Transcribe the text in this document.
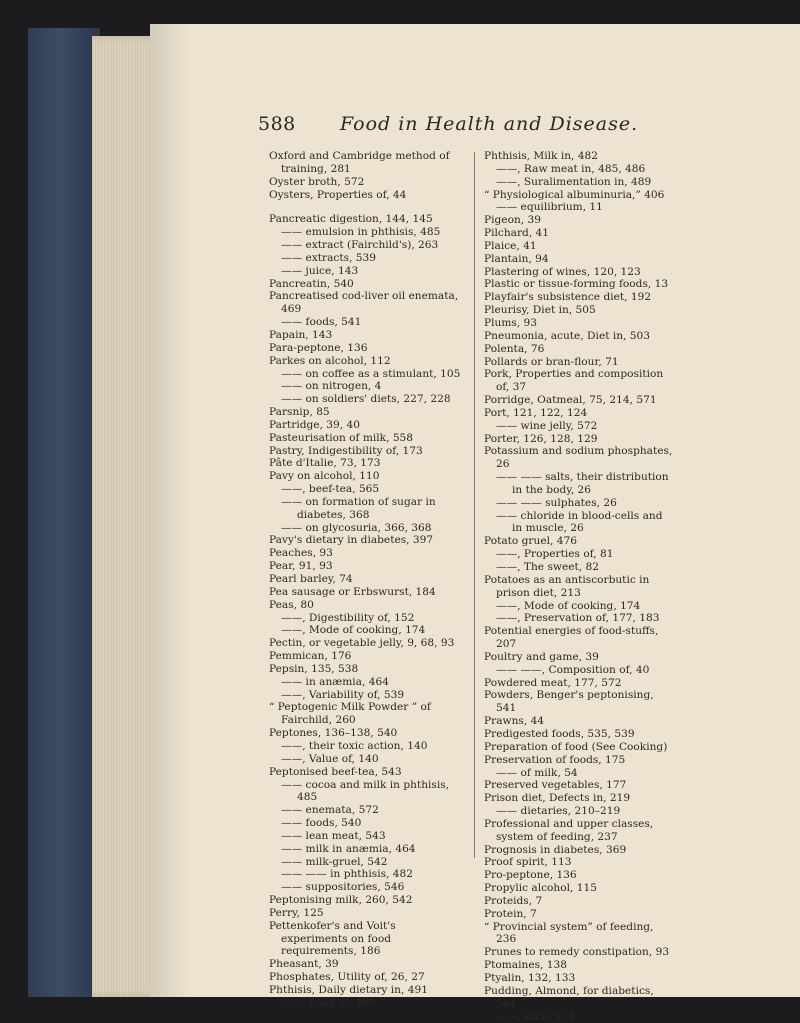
588 Food in Health and Disease.
Oxford and Cambridge method of training, 281
Oyster broth, 572
Oysters, Properties of, 44
Pancreatic digestion, 144, 145
—— emulsion in phthisis, 485
—— extract (Fairchild's), 263
—— extracts, 539
—— juice, 143
Pancreatin, 540
Pancreatised cod-liver oil enemata, 469
—— foods, 541
Papain, 143
Para-peptone, 136
Parkes on alcohol, 112
—— on coffee as a stimulant, 105
—— on nitrogen, 4
—— on soldiers' diets, 227, 228
Parsnip, 85
Partridge, 39, 40
Pasteurisation of milk, 558
Pastry, Indigestibility of, 173
Pâte d'Italie, 73, 173
Pavy on alcohol, 110
——, beef-tea, 565
—— on formation of sugar in diabetes, 368
—— on glycosuria, 366, 368
Pavy's dietary in diabetes, 397
Peaches, 93
Pear, 91, 93
Pearl barley, 74
Pea sausage or Erbswurst, 184
Peas, 80
——, Digestibility of, 152
——, Mode of cooking, 174
Pectin, or vegetable jelly, 9, 68, 93
Pemmican, 176
Pepsin, 135, 538
—— in anæmia, 464
——, Variability of, 539
“ Peptogenic Milk Powder ” of Fairchild, 260
Peptones, 136–138, 540
——, their toxic action, 140
——, Value of, 140
Peptonised beef-tea, 543
—— cocoa and milk in phthisis, 485
—— enemata, 572
—— foods, 540
—— lean meat, 543
—— milk in anæmia, 464
—— milk-gruel, 542
—— —— in phthisis, 482
—— suppositories, 546
Peptonising milk, 260, 542
Perry, 125
Pettenkofer's and Voit's experiments on food requirements, 186
Pheasant, 39
Phosphates, Utility of, 26, 27
Phthisis, Daily dietary in, 491
——, Food in, 480
Phthisis, Milk in, 482
——, Raw meat in, 485, 486
——, Suralimentation in, 489
“ Physiological albuminuria,” 406
—— equilibrium, 11
Pigeon, 39
Pilchard, 41
Plaice, 41
Plantain, 94
Plastering of wines, 120, 123
Plastic or tissue-forming foods, 13
Playfair's subsistence diet, 192
Pleurisy, Diet in, 505
Plums, 93
Pneumonia, acute, Diet in, 503
Polenta, 76
Pollards or bran-flour, 71
Pork, Properties and composition of, 37
Porridge, Oatmeal, 75, 214, 571
Port, 121, 122, 124
—— wine jelly, 572
Porter, 126, 128, 129
Potassium and sodium phosphates, 26
—— —— salts, their distribution in the body, 26
—— —— sulphates, 26
—— chloride in blood-cells and in muscle, 26
Potato gruel, 476
——, Properties of, 81
——, The sweet, 82
Potatoes as an antiscorbutic in prison diet, 213
——, Mode of cooking, 174
——, Preservation of, 177, 183
Potential energies of food-stuffs, 207
Poultry and game, 39
—— ——, Composition of, 40
Powdered meat, 177, 572
Powders, Benger's peptonising, 541
Prawns, 44
Predigested foods, 535, 539
Preparation of food (See Cooking)
Preservation of foods, 175
—— of milk, 54
Preserved vegetables, 177
Prison diet, Defects in, 219
—— dietaries, 210–219
Professional and upper classes, system of feeding, 237
Prognosis in diabetes, 369
Proof spirit, 113
Pro-peptone, 136
Propylic alcohol, 115
Proteids, 7
Protein, 7
“ Provincial system” of feeding, 236
Prunes to remedy constipation, 93
Ptomaines, 138
Ptyalin, 132, 133
Pudding, Almond, for diabetics, 564
——, Rice, 574
